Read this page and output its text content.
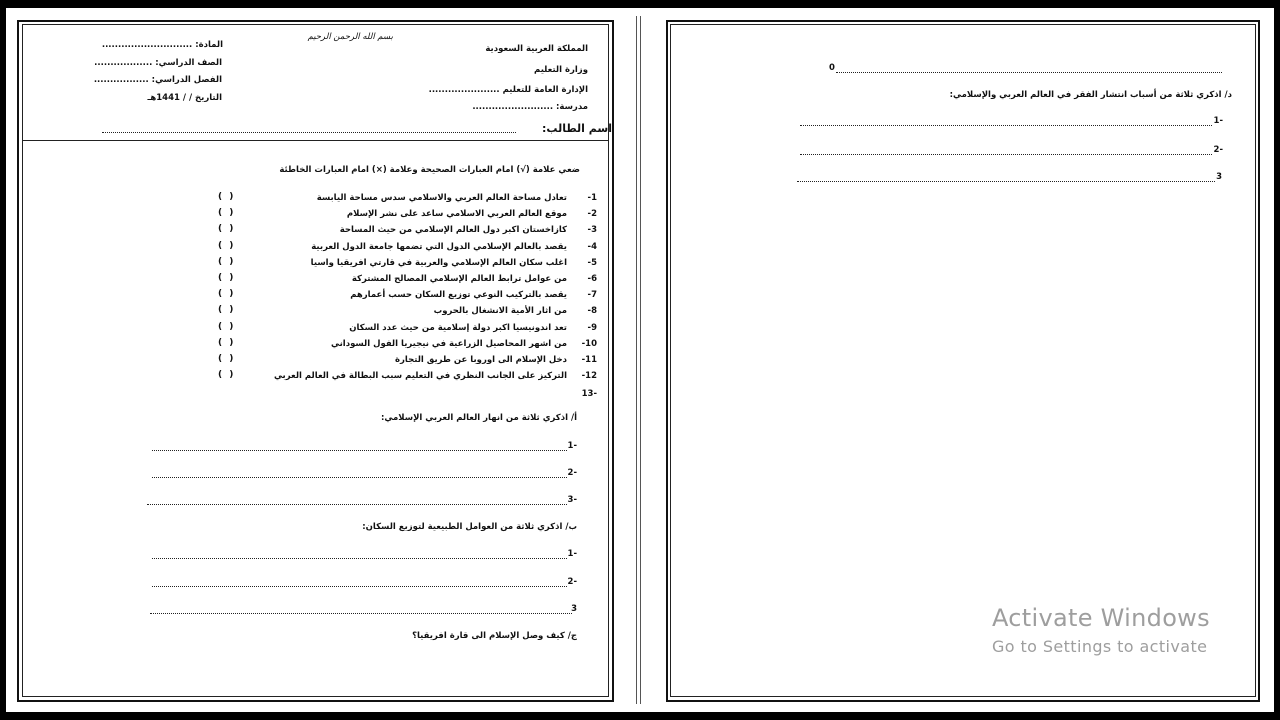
بسم الله الرحمن الرحيم
المملكة العربية السعودية
وزارة التعليم
الإدارة العامة للتعليم ......................
مدرسة: .........................
اسم الطالب:
المادة: ............................
الصف الدراسي: ..................
الفصل الدراسي: .................
التاريخ / / 1441هـ
ضعي علامة (√) امام العبارات الصحيحة وعلامة (×) امام العبارات الخاطئة
1-
تعادل مساحة العالم العربي والاسلامي سدس مساحة اليابسة
( )
2-
موقع العالم العربي الاسلامي ساعد على نشر الإسلام
( )
3-
كازاخستان اكبر دول العالم الإسلامي من حيث المساحة
( )
4-
يقصد بالعالم الإسلامي الدول التي تضمها جامعة الدول العربية
( )
5-
اغلب سكان العالم الإسلامي والعربية في قارتي افريقيا واسيا
( )
6-
من عوامل ترابط العالم الإسلامي المصالح المشتركة
( )
7-
يقصد بالتركيب النوعي توزيع السكان حسب أعمارهم
( )
8-
من اثار الأمية الانشغال بالحروب
( )
9-
تعد اندونيسيا اكبر دولة إسلامية من حيث عدد السكان
( )
10-
من اشهر المحاصيل الزراعية في نيجيريا الفول السوداني
( )
11-
دخل الإسلام الى اوروبا عن طريق التجارة
( )
12-
التركيز على الجانب النظري في التعليم سبب البطالة في العالم العربي
( )
13-
أ/ اذكري ثلاثة من انهار العالم العربي الإسلامي:
1-
2-
3-
ب/ اذكري ثلاثة من العوامل الطبيعية لتوزيع السكان:
1-
2-
3
ج/ كيف وصل الإسلام الى قارة افريقيا؟
0
د/ اذكري ثلاثة من أسباب انتشار الفقر في العالم العربي والإسلامي:
1-
2-
3
Activate Windows
Go to Settings to activate
